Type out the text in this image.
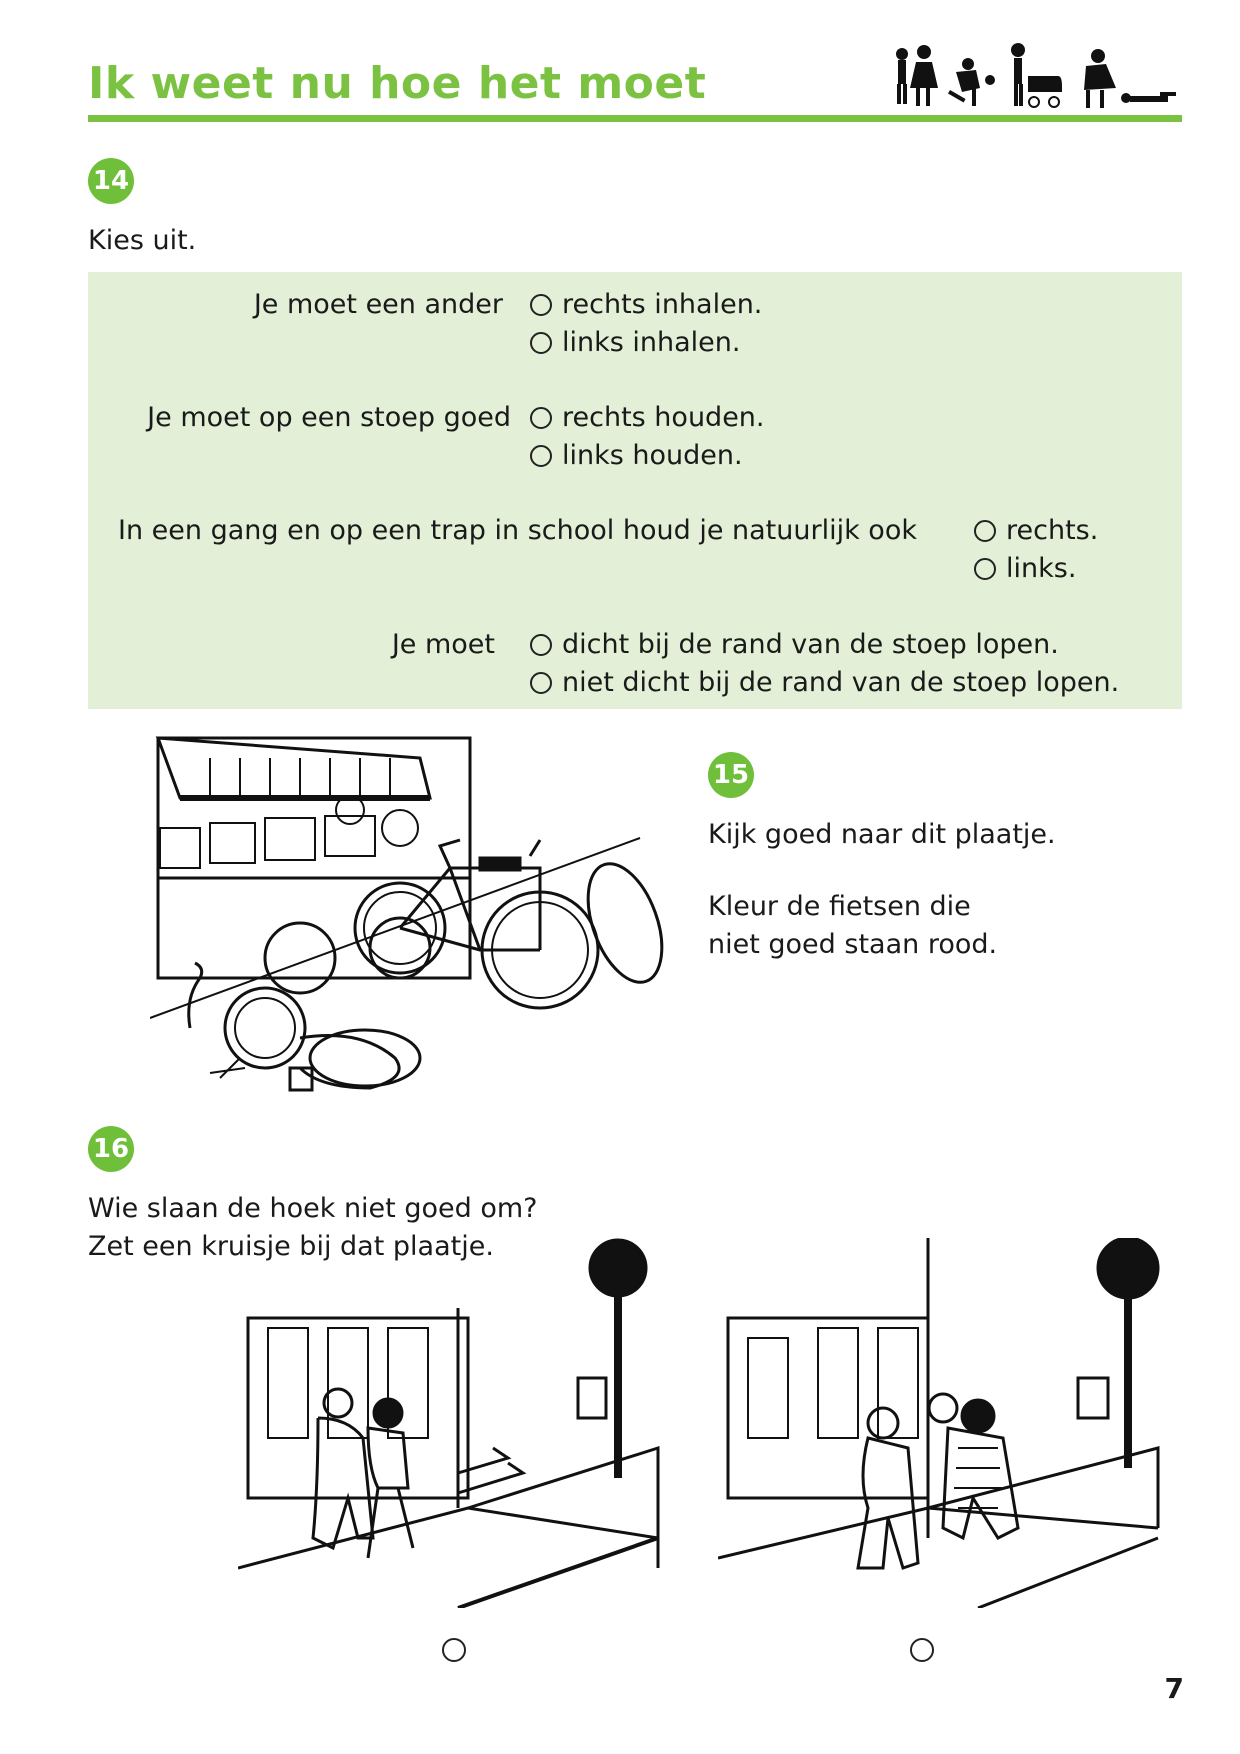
Ik weet nu hoe het moet
14
Kies uit.
Je moet een ander	rechts inhalen.
links inhalen.
Je moet op een stoep goed	rechts houden.
links houden.
In een gang en op een trap in school houd je natuurlijk ook	rechts.
links.
Je moet	dicht bij de rand van de stoep lopen.
niet dicht bij de rand van de stoep lopen.
15
Kijk goed naar dit plaatje.
Kleur de fietsen die
niet goed staan rood.
16
Wie slaan de hoek niet goed om?
Zet een kruisje bij dat plaatje.
7
